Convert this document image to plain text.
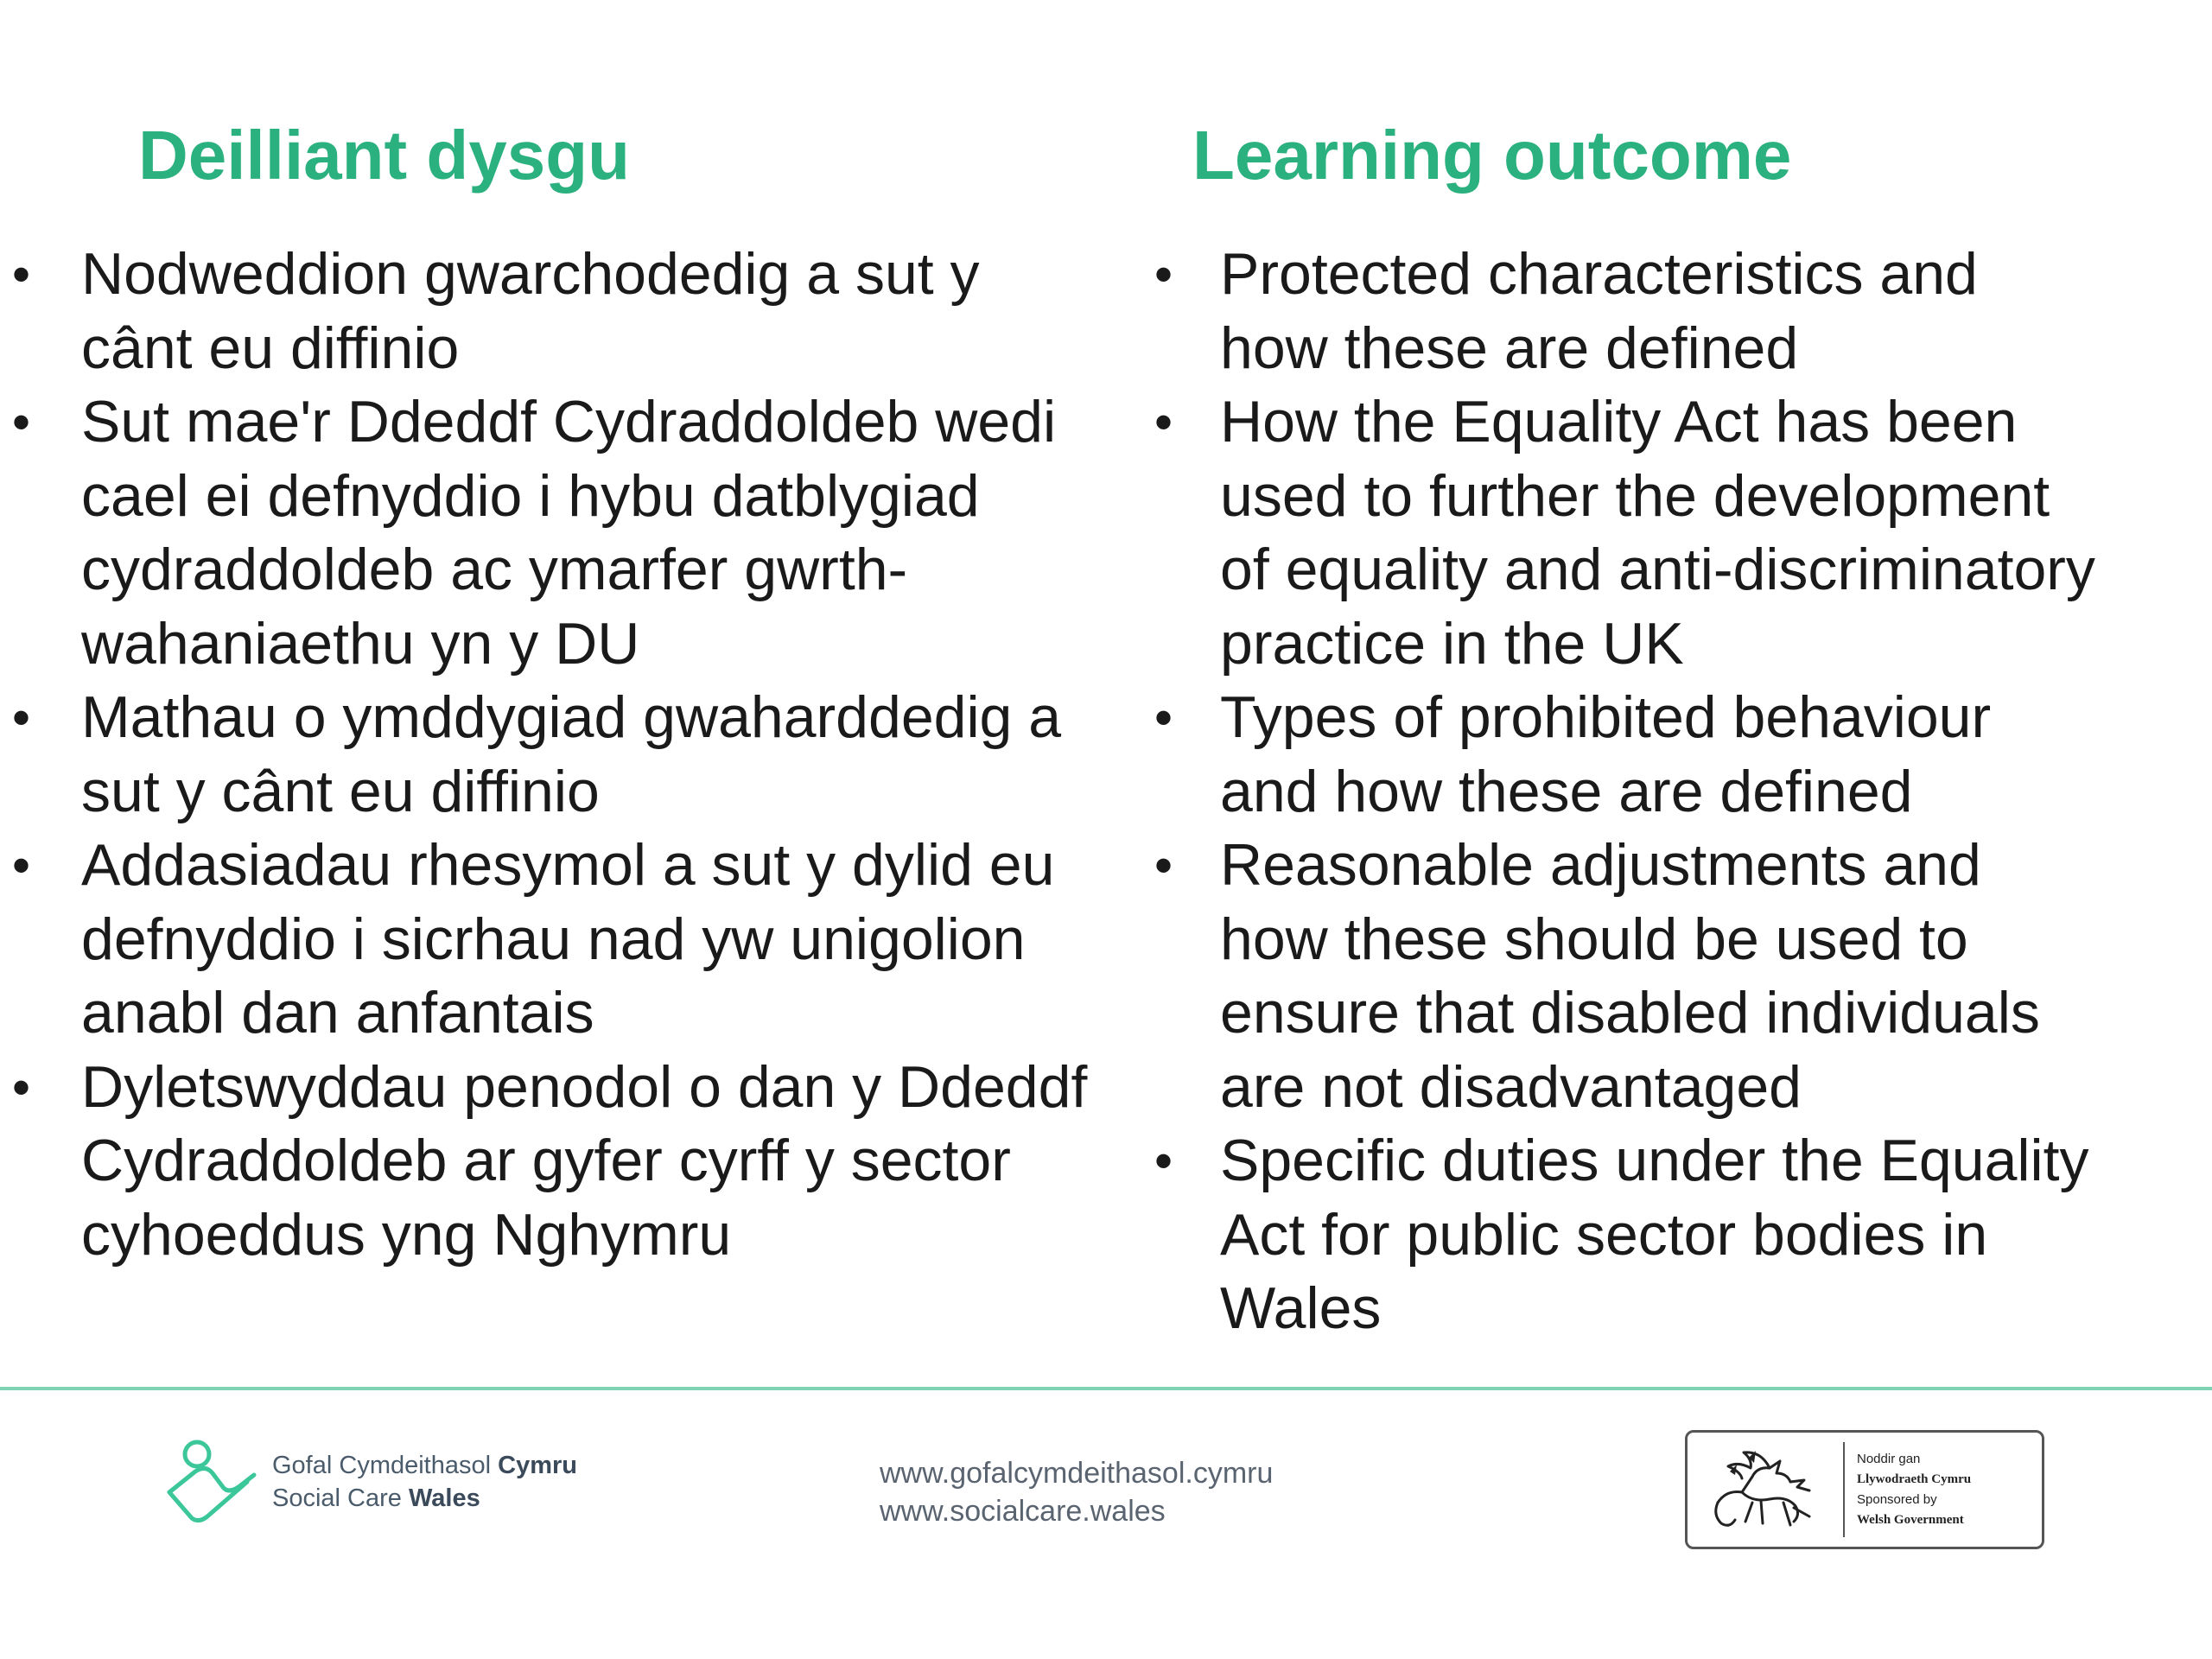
Deilliant dysgu
• Nodweddion gwarchodedig a sut y
cânt eu diffinio
• Sut mae'r Ddeddf Cydraddoldeb wedi
cael ei defnyddio i hybu datblygiad
cydraddoldeb ac ymarfer gwrth-
wahaniaethu yn y DU
• Mathau o ymddygiad gwaharddedig a
sut y cânt eu diffinio
• Addasiadau rhesymol a sut y dylid eu
defnyddio i sicrhau nad yw unigolion
anabl dan anfantais
• Dyletswyddau penodol o dan y Ddeddf
Cydraddoldeb ar gyfer cyrff y sector
cyhoeddus yng Nghymru
Learning outcome
• Protected characteristics and
how these are defined
• How the Equality Act has been
used to further the development
of equality and anti-discriminatory
practice in the UK
• Types of prohibited behaviour
and how these are defined
• Reasonable adjustments and
how these should be used to
ensure that disabled individuals
are not disadvantaged
• Specific duties under the Equality
Act for public sector bodies in
Wales
Gofal Cymdeithasol Cymru
Social Care Wales
www.gofalcymdeithasol.cymru
www.socialcare.wales
Noddir gan
Llywodraeth Cymru
Sponsored by
Welsh Government
